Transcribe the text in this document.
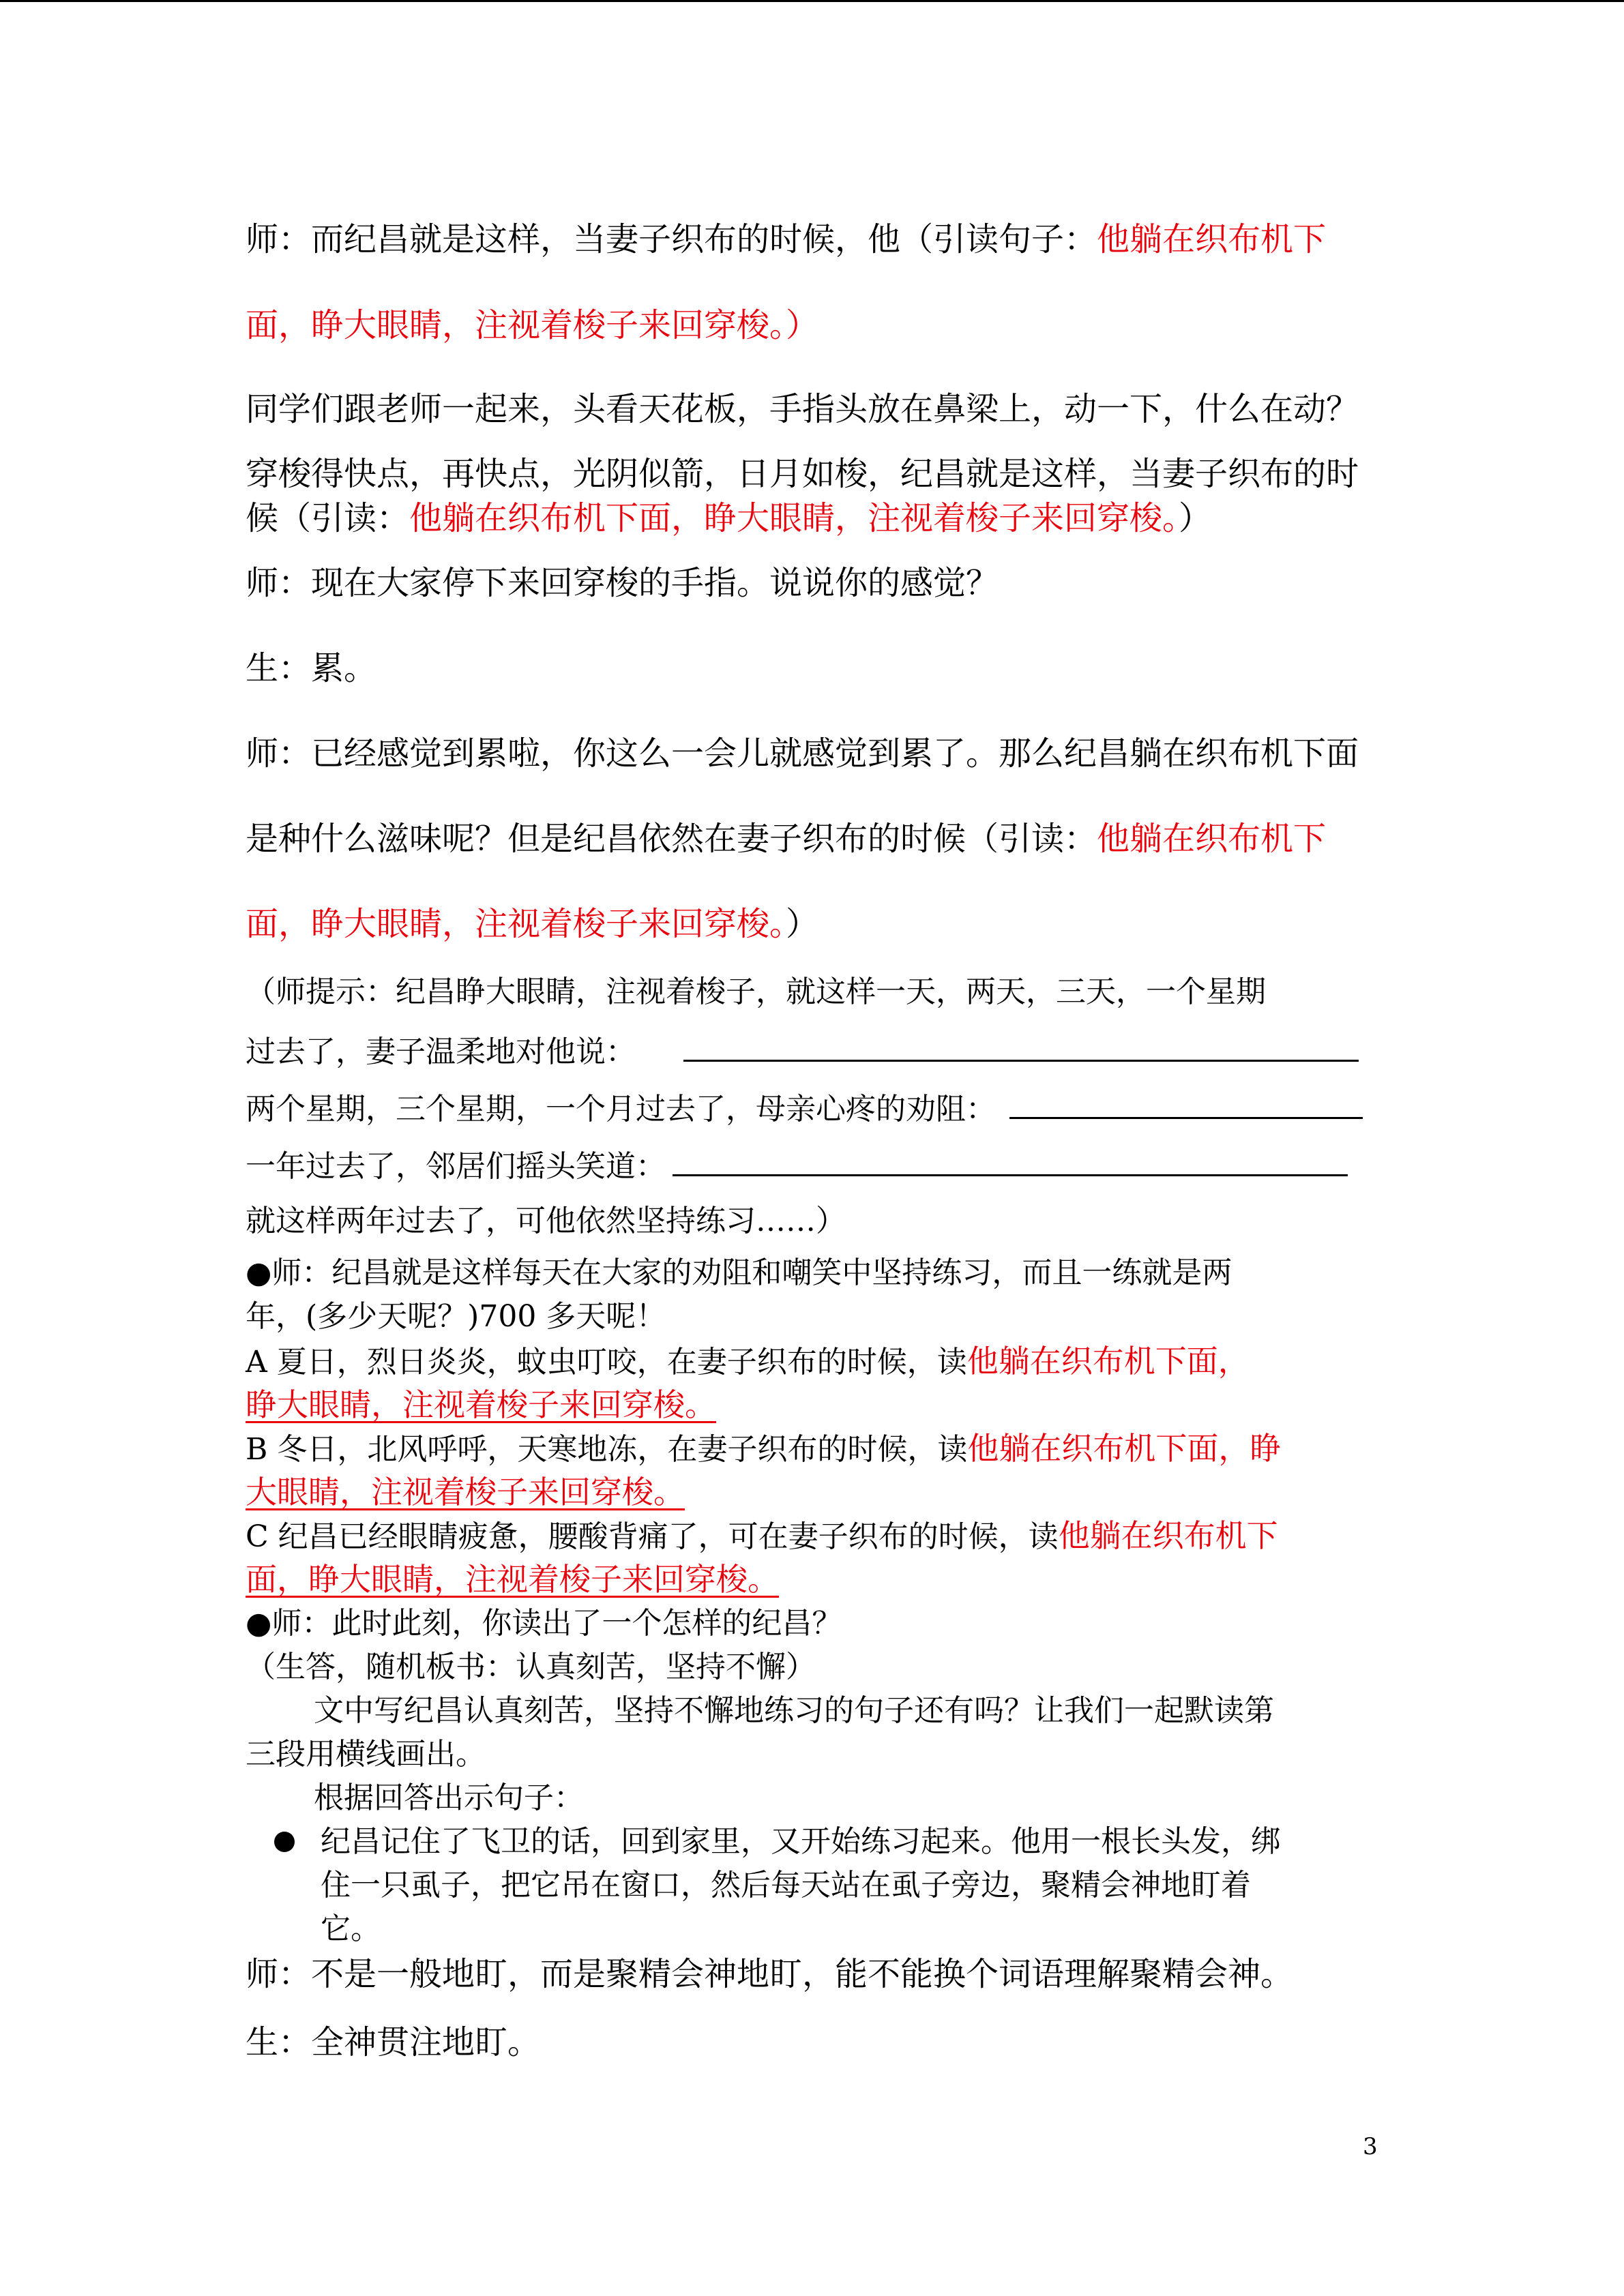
师：而纪昌就是这样，当妻子织布的时候，他（引读句子：他躺在织布机下
面，睁大眼睛，注视着梭子来回穿梭。）
同学们跟老师一起来，头看天花板，手指头放在鼻梁上，动一下，什么在动？
穿梭得快点，再快点，光阴似箭，日月如梭，纪昌就是这样，当妻子织布的时
候（引读：他躺在织布机下面，睁大眼睛，注视着梭子来回穿梭。）
师：现在大家停下来回穿梭的手指。说说你的感觉？
生：累。
师：已经感觉到累啦，你这么一会儿就感觉到累了。那么纪昌躺在织布机下面
是种什么滋味呢？但是纪昌依然在妻子织布的时候（引读：他躺在织布机下
面，睁大眼睛，注视着梭子来回穿梭。）
（师提示：纪昌睁大眼睛，注视着梭子，就这样一天，两天，三天，一个星期
过去了，妻子温柔地对他说：
两个星期，三个星期，一个月过去了，母亲心疼的劝阻：
一年过去了，邻居们摇头笑道：
就这样两年过去了，可他依然坚持练习……）
●师：纪昌就是这样每天在大家的劝阻和嘲笑中坚持练习，而且一练就是两
年，(多少天呢？)700 多天呢！
A 夏日，烈日炎炎，蚊虫叮咬，在妻子织布的时候，读他躺在织布机下面，
睁大眼睛，注视着梭子来回穿梭。
B 冬日，北风呼呼，天寒地冻，在妻子织布的时候，读他躺在织布机下面，睁
大眼睛，注视着梭子来回穿梭。
C 纪昌已经眼睛疲惫，腰酸背痛了，可在妻子织布的时候，读他躺在织布机下
面，睁大眼睛，注视着梭子来回穿梭。
●师：此时此刻，你读出了一个怎样的纪昌？
（生答，随机板书：认真刻苦，坚持不懈）
文中写纪昌认真刻苦，坚持不懈地练习的句子还有吗？让我们一起默读第
三段用横线画出。
根据回答出示句子：
纪昌记住了飞卫的话，回到家里，又开始练习起来。他用一根长头发，绑
住一只虱子，把它吊在窗口，然后每天站在虱子旁边，聚精会神地盯着
它。
师：不是一般地盯，而是聚精会神地盯，能不能换个词语理解聚精会神。
生：全神贯注地盯。
3
